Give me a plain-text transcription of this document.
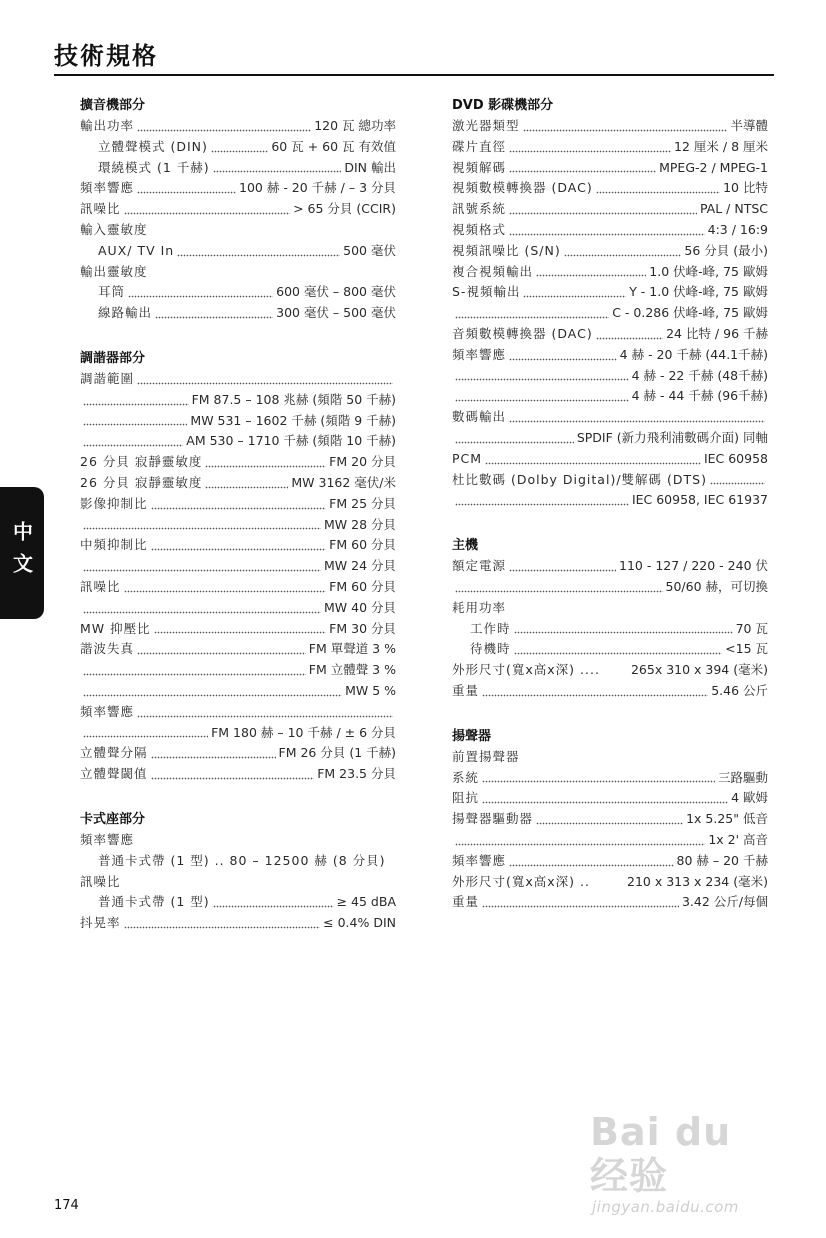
技術規格
擴音機部分
輸出功率	120 瓦 總功率
立體聲模式 (DIN)	60 瓦 + 60 瓦 有效值
環繞模式 (1 千赫)	DIN 輸出
頻率響應	100 赫 - 20 千赫 / – 3 分貝
訊噪比	> 65 分貝 (CCIR)
輸入靈敏度
AUX/ TV In	500 毫伏
輸出靈敏度
耳筒	600 毫伏 – 800 毫伏
線路輸出	300 毫伏 – 500 毫伏
調諧器部分
調諧範圍
FM 87.5 – 108 兆赫 (頻階 50 千赫)
MW 531 – 1602 千赫 (頻階 9 千赫)
AM 530 – 1710 千赫 (頻階 10 千赫)
26 分貝 寂靜靈敏度	FM 20 分貝
26 分貝 寂靜靈敏度	MW 3162 毫伏/米
影像抑制比	FM 25 分貝
MW 28 分貝
中頻抑制比	FM 60 分貝
MW 24 分貝
訊噪比	FM 60 分貝
MW 40 分貝
MW 抑壓比	FM 30 分貝
諧波失真	FM 單聲道 3 %
FM 立體聲 3 %
MW 5 %
頻率響應
FM 180 赫 – 10 千赫 / ± 6 分貝
立體聲分隔	FM 26 分貝 (1 千赫)
立體聲閾值	FM 23.5 分貝
卡式座部分
頻率響應
普通卡式帶 (1 型) .. 80 – 12500 赫 (8 分貝)
訊噪比
普通卡式帶 (1 型)	≥ 45 dBA
抖晃率	≤ 0.4% DIN
DVD 影碟機部分
激光器類型	半導體
碟片直徑	12 厘米 / 8 厘米
視頻解碼	MPEG-2 / MPEG-1
視頻數模轉換器 (DAC)	10 比特
訊號系統	PAL / NTSC
視頻格式	4:3 / 16:9
視頻訊噪比 (S/N)	56 分貝 (最小)
複合視頻輸出	1.0 伏峰-峰, 75 歐姆
S-視頻輸出	Y - 1.0 伏峰-峰, 75 歐姆
C - 0.286 伏峰-峰, 75 歐姆
音頻數模轉換器 (DAC)	24 比特 / 96 千赫
頻率響應	4 赫 - 20 千赫 (44.1千赫)
4 赫 - 22 千赫 (48千赫)
4 赫 - 44 千赫 (96千赫)
數碼輸出
SPDIF (新力飛利浦數碼介面) 同軸
PCM	IEC 60958
杜比數碼 (Dolby Digital)/雙解碼 (DTS)
IEC 60958, IEC 61937
主機
額定電源	110 - 127 / 220 - 240 伏
50/60 赫，可切換
耗用功率
工作時	70 瓦
待機時	<15 瓦
外形尺寸(寬x高x深) .... 265x 310 x 394 (毫米)
重量	5.46 公斤
揚聲器
前置揚聲器
系統	三路驅動
阻抗	4 歐姆
揚聲器驅動器	1x 5.25" 低音
1x 2' 高音
頻率響應	80 赫 – 20 千赫
外形尺寸(寬x高x深) ..	210 x 313 x 234 (毫米)
重量	3.42 公斤/每個
中文
174
Bai du 经验
jingyan.baidu.com
